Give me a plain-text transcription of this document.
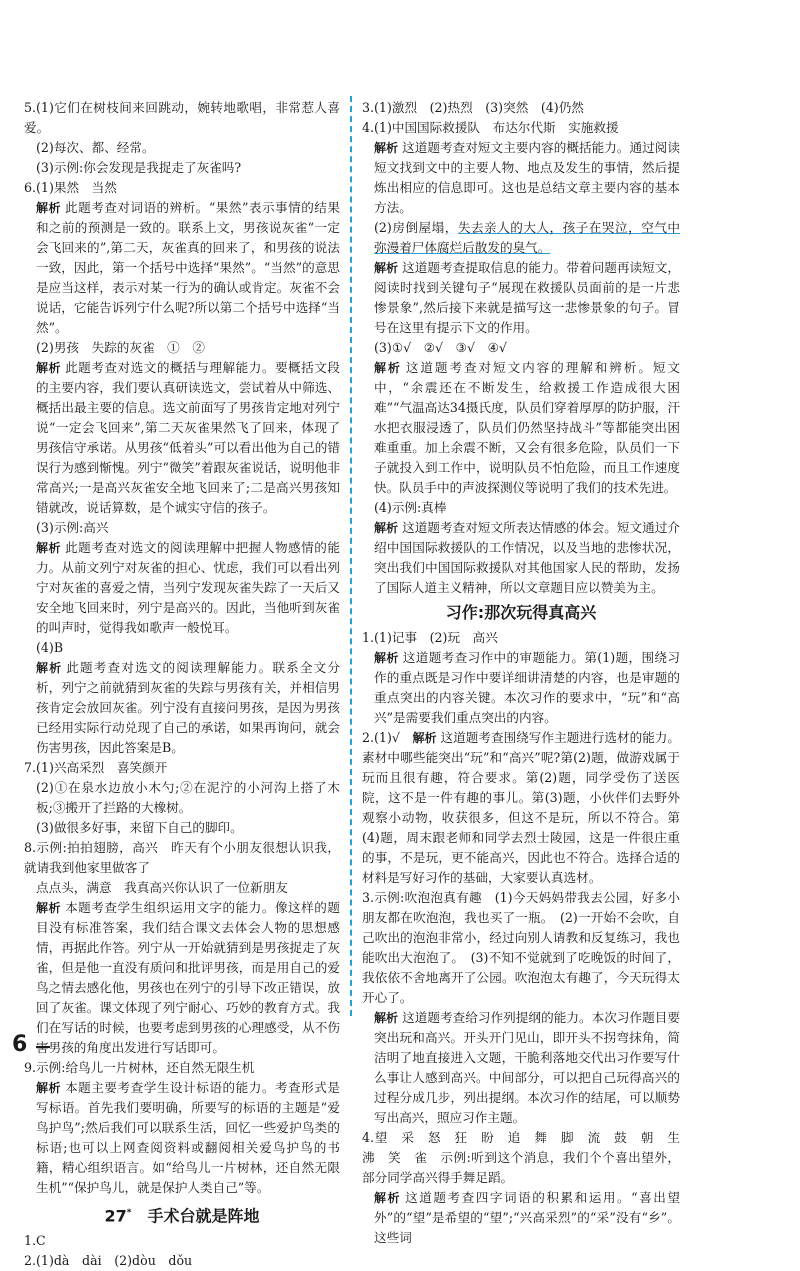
5.(1)它们在树枝间来回跳动，婉转地歌唱，非常惹人喜爱。

(2)每次、都、经常。

(3)示例:你会发现是我捉走了灰雀吗?

6.(1)果然　当然

解析 此题考查对词语的辨析。“果然”表示事情的结果和之前的预测是一致的。联系上文，男孩说灰雀“一定会飞回来的”,第二天，灰雀真的回来了，和男孩的说法一致，因此，第一个括号中选择“果然”。“当然”的意思是应当这样，表示对某一行为的确认或肯定。灰雀不会说话，它能告诉列宁什么呢?所以第二个括号中选择“当然”。

(2)男孩　失踪的灰雀　①　②

解析 此题考查对选文的概括与理解能力。要概括文段的主要内容，我们要认真研读选文，尝试着从中筛选、概括出最主要的信息。选文前面写了男孩肯定地对列宁说“一定会飞回来”,第二天灰雀果然飞了回来，体现了男孩信守承诺。从男孩“低着头”可以看出他为自己的错误行为感到惭愧。列宁“微笑”着跟灰雀说话，说明他非常高兴;一是高兴灰雀安全地飞回来了;二是高兴男孩知错就改，说话算数，是个诚实守信的孩子。

(3)示例:高兴

解析 此题考查对选文的阅读理解中把握人物感情的能力。从前文列宁对灰雀的担心、忧虑，我们可以看出列宁对灰雀的喜爱之情，当列宁发现灰雀失踪了一天后又安全地飞回来时，列宁是高兴的。因此，当他听到灰雀的叫声时，觉得我如歌声一般悦耳。

(4)B

解析 此题考查对选文的阅读理解能力。联系全文分析，列宁之前就猜到灰雀的失踪与男孩有关，并相信男孩肯定会放回灰雀。列宁没有直接问男孩，是因为男孩已经用实际行动兑现了自己的承诺，如果再询问，就会伤害男孩，因此答案是B。

7.(1)兴高采烈　喜笑颜开

(2)①在泉水边放小木勺;②在泥泞的小河沟上搭了木板;③搬开了拦路的大橡树。

(3)做很多好事，来留下自己的脚印。

8.示例:拍拍翅膀，高兴　昨天有个小朋友很想认识我，就请我到他家里做客了

点点头，满意　我真高兴你认识了一位新朋友

解析 本题考查学生组织运用文字的能力。像这样的题目没有标准答案，我们结合课文去体会人物的思想感情，再据此作答。列宁从一开始就猜到是男孩捉走了灰雀，但是他一直没有质问和批评男孩，而是用自己的爱鸟之情去感化他，男孩也在列宁的引导下改正错误，放回了灰雀。课文体现了列宁耐心、巧妙的教育方式。我们在写话的时候，也要考虑到男孩的心理感受，从不伤害男孩的角度出发进行写话即可。

9.示例:给鸟儿一片树林，还自然无限生机

解析 本题主要考查学生设计标语的能力。考查形式是写标语。首先我们要明确，所要写的标语的主题是“爱鸟护鸟”;然后我们可以联系生活，回忆一些爱护鸟类的标语;也可以上网查阅资料或翻阅相关爱鸟护鸟的书籍，精心组织语言。如“给鸟儿一片树林，还自然无限生机”“保护鸟儿，就是保护人类自己”等。

27*　 手术台就是阵地

1.C

2.(1)dà　dài　(2)dòu　dǒu

3.(1)激烈　(2)热烈　(3)突然　(4)仍然

4.(1)中国国际救援队　布达尔代斯　实施救援

解析 这道题考查对短文主要内容的概括能力。通过阅读短文找到文中的主要人物、地点及发生的事情，然后提炼出相应的信息即可。这也是总结文章主要内容的基本方法。

(2)房倒屋塌，失去亲人的大人，孩子在哭泣，空气中弥漫着尸体腐烂后散发的臭气。

解析 这道题考查提取信息的能力。带着问题再读短文，阅读时找到关键句子“展现在救援队员面前的是一片悲惨景象”,然后接下来就是描写这一悲惨景象的句子。冒号在这里有提示下文的作用。

(3)①√　②√　③√　④√

解析 这道题考查对短文内容的理解和辨析。短文中，“余震还在不断发生，给救援工作造成很大困难”“气温高达34摄氏度，队员们穿着厚厚的防护服，汗水把衣服浸透了，队员们仍然坚持战斗”等都能突出困难重重。加上余震不断，又会有很多危险，队员们一下子就投入到工作中，说明队员不怕危险，而且工作速度快。队员手中的声波探测仪等说明了我们的技术先进。

(4)示例:真棒

解析 这道题考查对短文所表达情感的体会。短文通过介绍中国国际救援队的工作情况，以及当地的悲惨状况，突出我们中国国际救援队对其他国家人民的帮助，发扬了国际人道主义精神，所以文章题目应以赞美为主。

习作:那次玩得真高兴

1.(1)记事　(2)玩　高兴

解析 这道题考查习作中的审题能力。第(1)题，围绕习作的重点既是习作中要详细讲清楚的内容，也是审题的重点突出的内容关键。本次习作的要求中，“玩”和“高兴”是需要我们重点突出的内容。

2.(1)√　 解析 这道题考查围绕写作主题进行选材的能力。素材中哪些能突出“玩”和“高兴”呢?第(2)题，做游戏属于玩而且很有趣，符合要求。第(2)题，同学受伤了送医院，这不是一件有趣的事儿。第(3)题，小伙伴们去野外观察小动物，收获很多，但这不是玩，所以不符合。第(4)题，周末跟老师和同学去烈士陵园，这是一件很庄重的事，不是玩，更不能高兴，因此也不符合。选择合适的材料是写好习作的基础，大家要认真选材。

3.示例:吹泡泡真有趣　(1)今天妈妈带我去公园，好多小朋友都在吹泡泡，我也买了一瓶。　(2)一开始不会吹，自己吹出的泡泡非常小，经过向别人请教和反复练习，我也能吹出大泡泡了。　(3)不知不觉就到了吃晚饭的时间了，我依依不舍地离开了公园。吹泡泡太有趣了，今天玩得太开心了。

解析 这道题考查给习作列提纲的能力。本次习作题目要突出玩和高兴。开头开门见山，即开头不拐弯抹角，简洁明了地直接进入文题，干脆利落地交代出习作要写什么事让人感到高兴。中间部分，可以把自己玩得高兴的过程分成几步，列出提纲。本次习作的结尾，可以顺势写出高兴，照应习作主题。

4.望　采　怒　狂　盼　追　舞　脚　流　鼓　朝　生　沸　笑　雀　示例:听到这个消息，我们个个喜出望外，部分同学高兴得手舞足蹈。

解析 这道题考查四字词语的积累和运用。“喜出望外”的“望”是希望的“望”;“兴高采烈”的“采”没有“乡”。这些词

6
